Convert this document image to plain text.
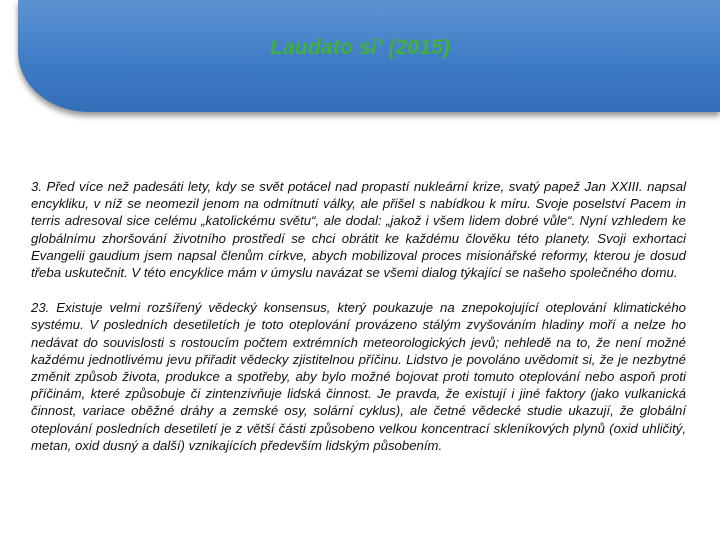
Laudato si’ (2015)

3. Před více než padesáti lety, kdy se svět potácel nad propastí nukleární krize, svatý papež Jan XXIII. napsal encykliku, v níž se neomezil jenom na odmítnutí války, ale přišel s nabídkou k míru. Svoje poselství Pacem in terris adresoval sice celému „katolickému světu“, ale dodal: „jakož i všem lidem dobré vůle“. Nyní vzhledem ke globálnímu zhoršování životního prostředí se chci obrátit ke každému člověku této planety. Svoji exhortaci Evangelii gaudium jsem napsal členům církve, abych mobilizoval proces misionářské reformy, kterou je dosud třeba uskutečnit. V této encyklice mám v úmyslu navázat se všemi dialog týkající se našeho společného domu.

23. Existuje velmi rozšířený vědecký konsensus, který poukazuje na znepokojující oteplování klimatického systému. V posledních desetiletích je toto oteplování provázeno stálým zvyšováním hladiny moří a nelze ho nedávat do souvislosti s rostoucím počtem extrémních meteorologických jevů; nehledě na to, že není možné každému jednotlivému jevu přiřadit vědecky zjistitelnou příčinu. Lidstvo je povoláno uvědomit si, že je nezbytné změnit způsob života, produkce a spotřeby, aby bylo možné bojovat proti tomuto oteplování nebo aspoň proti příčinám, které způsobuje či zintenzivňuje lidská činnost. Je pravda, že existují i jiné faktory (jako vulkanická činnost, variace oběžné dráhy a zemské osy, solární cyklus), ale četné vědecké studie ukazují, že globální oteplování posledních desetiletí je z větší části způsobeno velkou koncentrací skleníkových plynů (oxid uhličitý, metan, oxid dusný a další) vznikajících především lidským působením.
